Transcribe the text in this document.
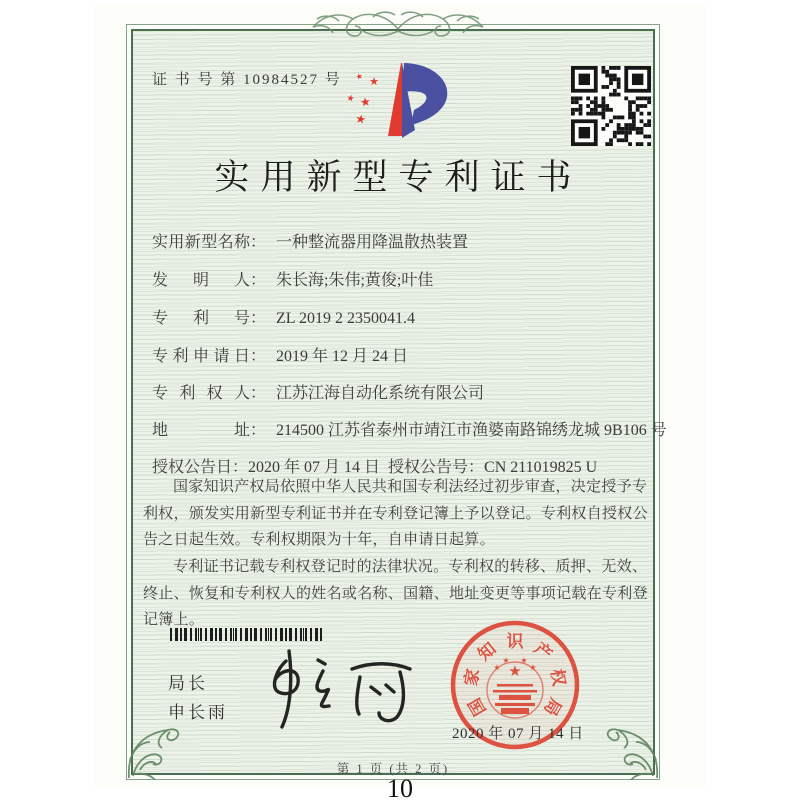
证 书 号 第 10984527 号 ★
★
★ ★
★
实用新型专利证书
实用新型名称： 一种整流器用降温散热装置
发明人： 朱长海;朱伟;黄俊;叶佳
专利号： ZL 2019 2 2350041.4
专利申请日： 2019 年 12 月 24 日
专利权人： 江苏江海自动化系统有限公司
地址： 214500 江苏省泰州市靖江市渔婆南路锦绣龙城 9B106 号
授权公告日：2020 年 07 月 14 日 授权公告号：CN 211019825 U

国家知识产权局依照中华人民共和国专利法经过初步审查，决定授予专利权，颁发实用新型专利证书并在专利登记簿上予以登记。专利权自授权公告之日起生效。专利权期限为十年，自申请日起算。

专利证书记载专利权登记时的法律状况。专利权的转移、质押、无效、终止、恢复和专利权人的姓名或名称、国籍、地址变更等事项记载在专利登记簿上。

局长
申长雨	国
家
知 识 产
权
局
★
★
★ ★
★
2020 年 07 月 14 日
第 1 页 (共 2 页)
10
